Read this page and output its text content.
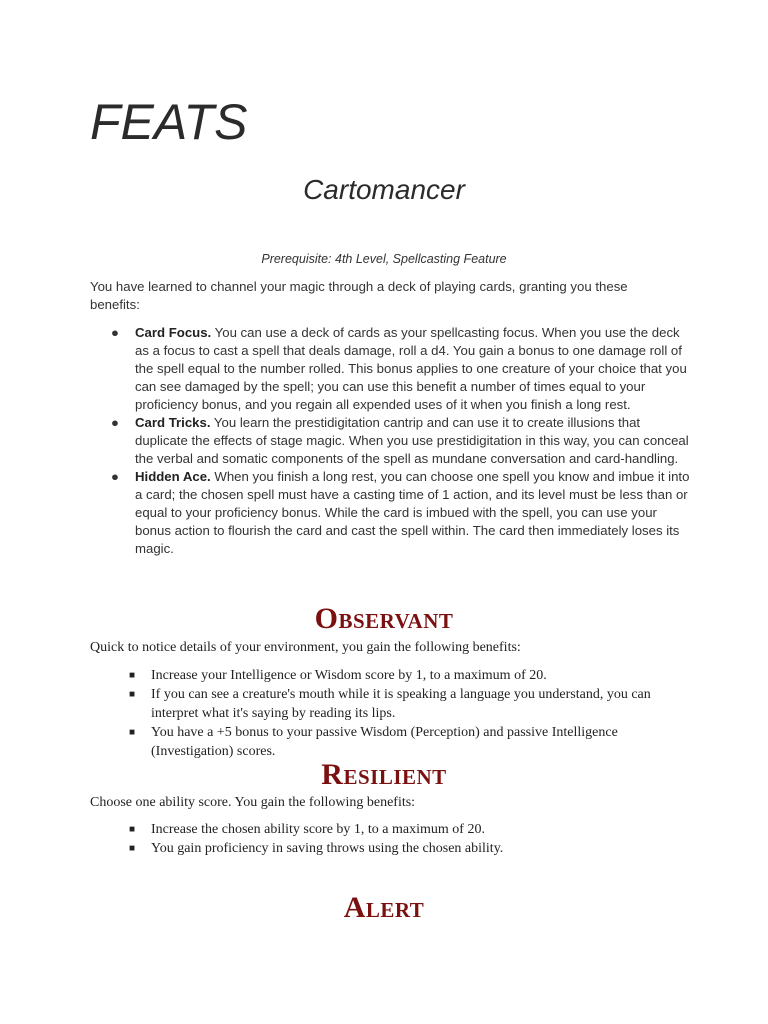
FEATS
Cartomancer
Prerequisite: 4th Level, Spellcasting Feature
You have learned to channel your magic through a deck of playing cards, granting you these benefits:
● Card Focus. You can use a deck of cards as your spellcasting focus. When you use the deck as a focus to cast a spell that deals damage, roll a d4. You gain a bonus to one damage roll of the spell equal to the number rolled. This bonus applies to one creature of your choice that you can see damaged by the spell; you can use this benefit a number of times equal to your proficiency bonus, and you regain all expended uses of it when you finish a long rest.
● Card Tricks. You learn the prestidigitation cantrip and can use it to create illusions that duplicate the effects of stage magic. When you use prestidigitation in this way, you can conceal the verbal and somatic components of the spell as mundane conversation and card-handling.
● Hidden Ace. When you finish a long rest, you can choose one spell you know and imbue it into a card; the chosen spell must have a casting time of 1 action, and its level must be less than or equal to your proficiency bonus. While the card is imbued with the spell, you can use your bonus action to flourish the card and cast the spell within. The card then immediately loses its magic.
Observant
Quick to notice details of your environment, you gain the following benefits:
■ Increase your Intelligence or Wisdom score by 1, to a maximum of 20.
■ If you can see a creature's mouth while it is speaking a language you understand, you can interpret what it's saying by reading its lips.
■ You have a +5 bonus to your passive Wisdom (Perception) and passive Intelligence (Investigation) scores.
Resilient
Choose one ability score. You gain the following benefits:
■ Increase the chosen ability score by 1, to a maximum of 20.
■ You gain proficiency in saving throws using the chosen ability.
Alert
